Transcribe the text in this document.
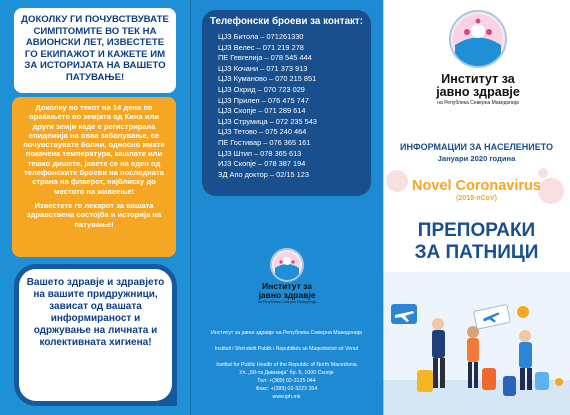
ДОКОЛКУ ГИ ПОЧУВСТВУВАТЕ СИМПТОМИТЕ ВО ТЕК НА АВИОНСКИ ЛЕТ, ИЗВЕСТЕТЕ ГО ЕКИПАЖОТ И КАЖЕТЕ ИМ ЗА ИСТОРИЈАТА НА ВАШЕТО ПАТУВАЊЕ!

Доколку во текот на 14 дена по враќањето во земјата од Кина или други земји каде е регистрирана епидемија на оваа заболување, се почувствувате болни, односно имате покачена температура, кашлате или тешко дишете, јавете се на еден од телефонските броеви на последната страна на флаерот, најблиску до местото на живеење!

Известете го лекарот за вашата здравствена состојба и историја на патување!

Вашето здравје и здравјето на вашите придружници, зависат од вашата информираност и одржување на личната и колективната хигиена!
Телефонски броеви за контакт:
ЦЈЗ Битола – 071261330
ЦЈЗ Велес – 071 219 278
ПЕ Гевгелија – 078 545 444
ЦЈЗ Кочани – 071 373 913
ЦЈЗ Куманово – 070 215 851
ЦЈЗ Охрид – 070 723 029
ЦЈЗ Прилеп – 076 475 747
ЦЈЗ Скопје – 071 289 614
ЦЈЗ Струмица – 072 235 543
ЦЈЗ Тетово – 075 240 464
ПЕ Гостивар – 076 365 161
ЦЈЗ Штип – 078 365 613
ИЈЗ Скопје – 078 387 194
ЗД Апо доктор – 02/15 123
Институт за
јавно здравје
на Република Северна Македонија
Институт за јавно здравје на Република Северна Македонија
Instituti i Shëndetit Publik i Republikës së Maqedonisë së Veriut
Institut for Public Health of the Republic of North Macedonia
Ул. „50-та Дивизија“ бр. 6, 1000 Скопје
Тел: +(389) 02-3125 044
Факс: +(389) 02-3223 354
www.iph.mk
Институт за
јавно здравје
на Република Северна Македонија
ИНФОРМАЦИИ ЗА НАСЕЛЕНИЕТО
Јануари 2020 година
Novel Coronavirus
(2019-nCoV)
ПРЕПОРАКИ
ЗА ПАТНИЦИ
